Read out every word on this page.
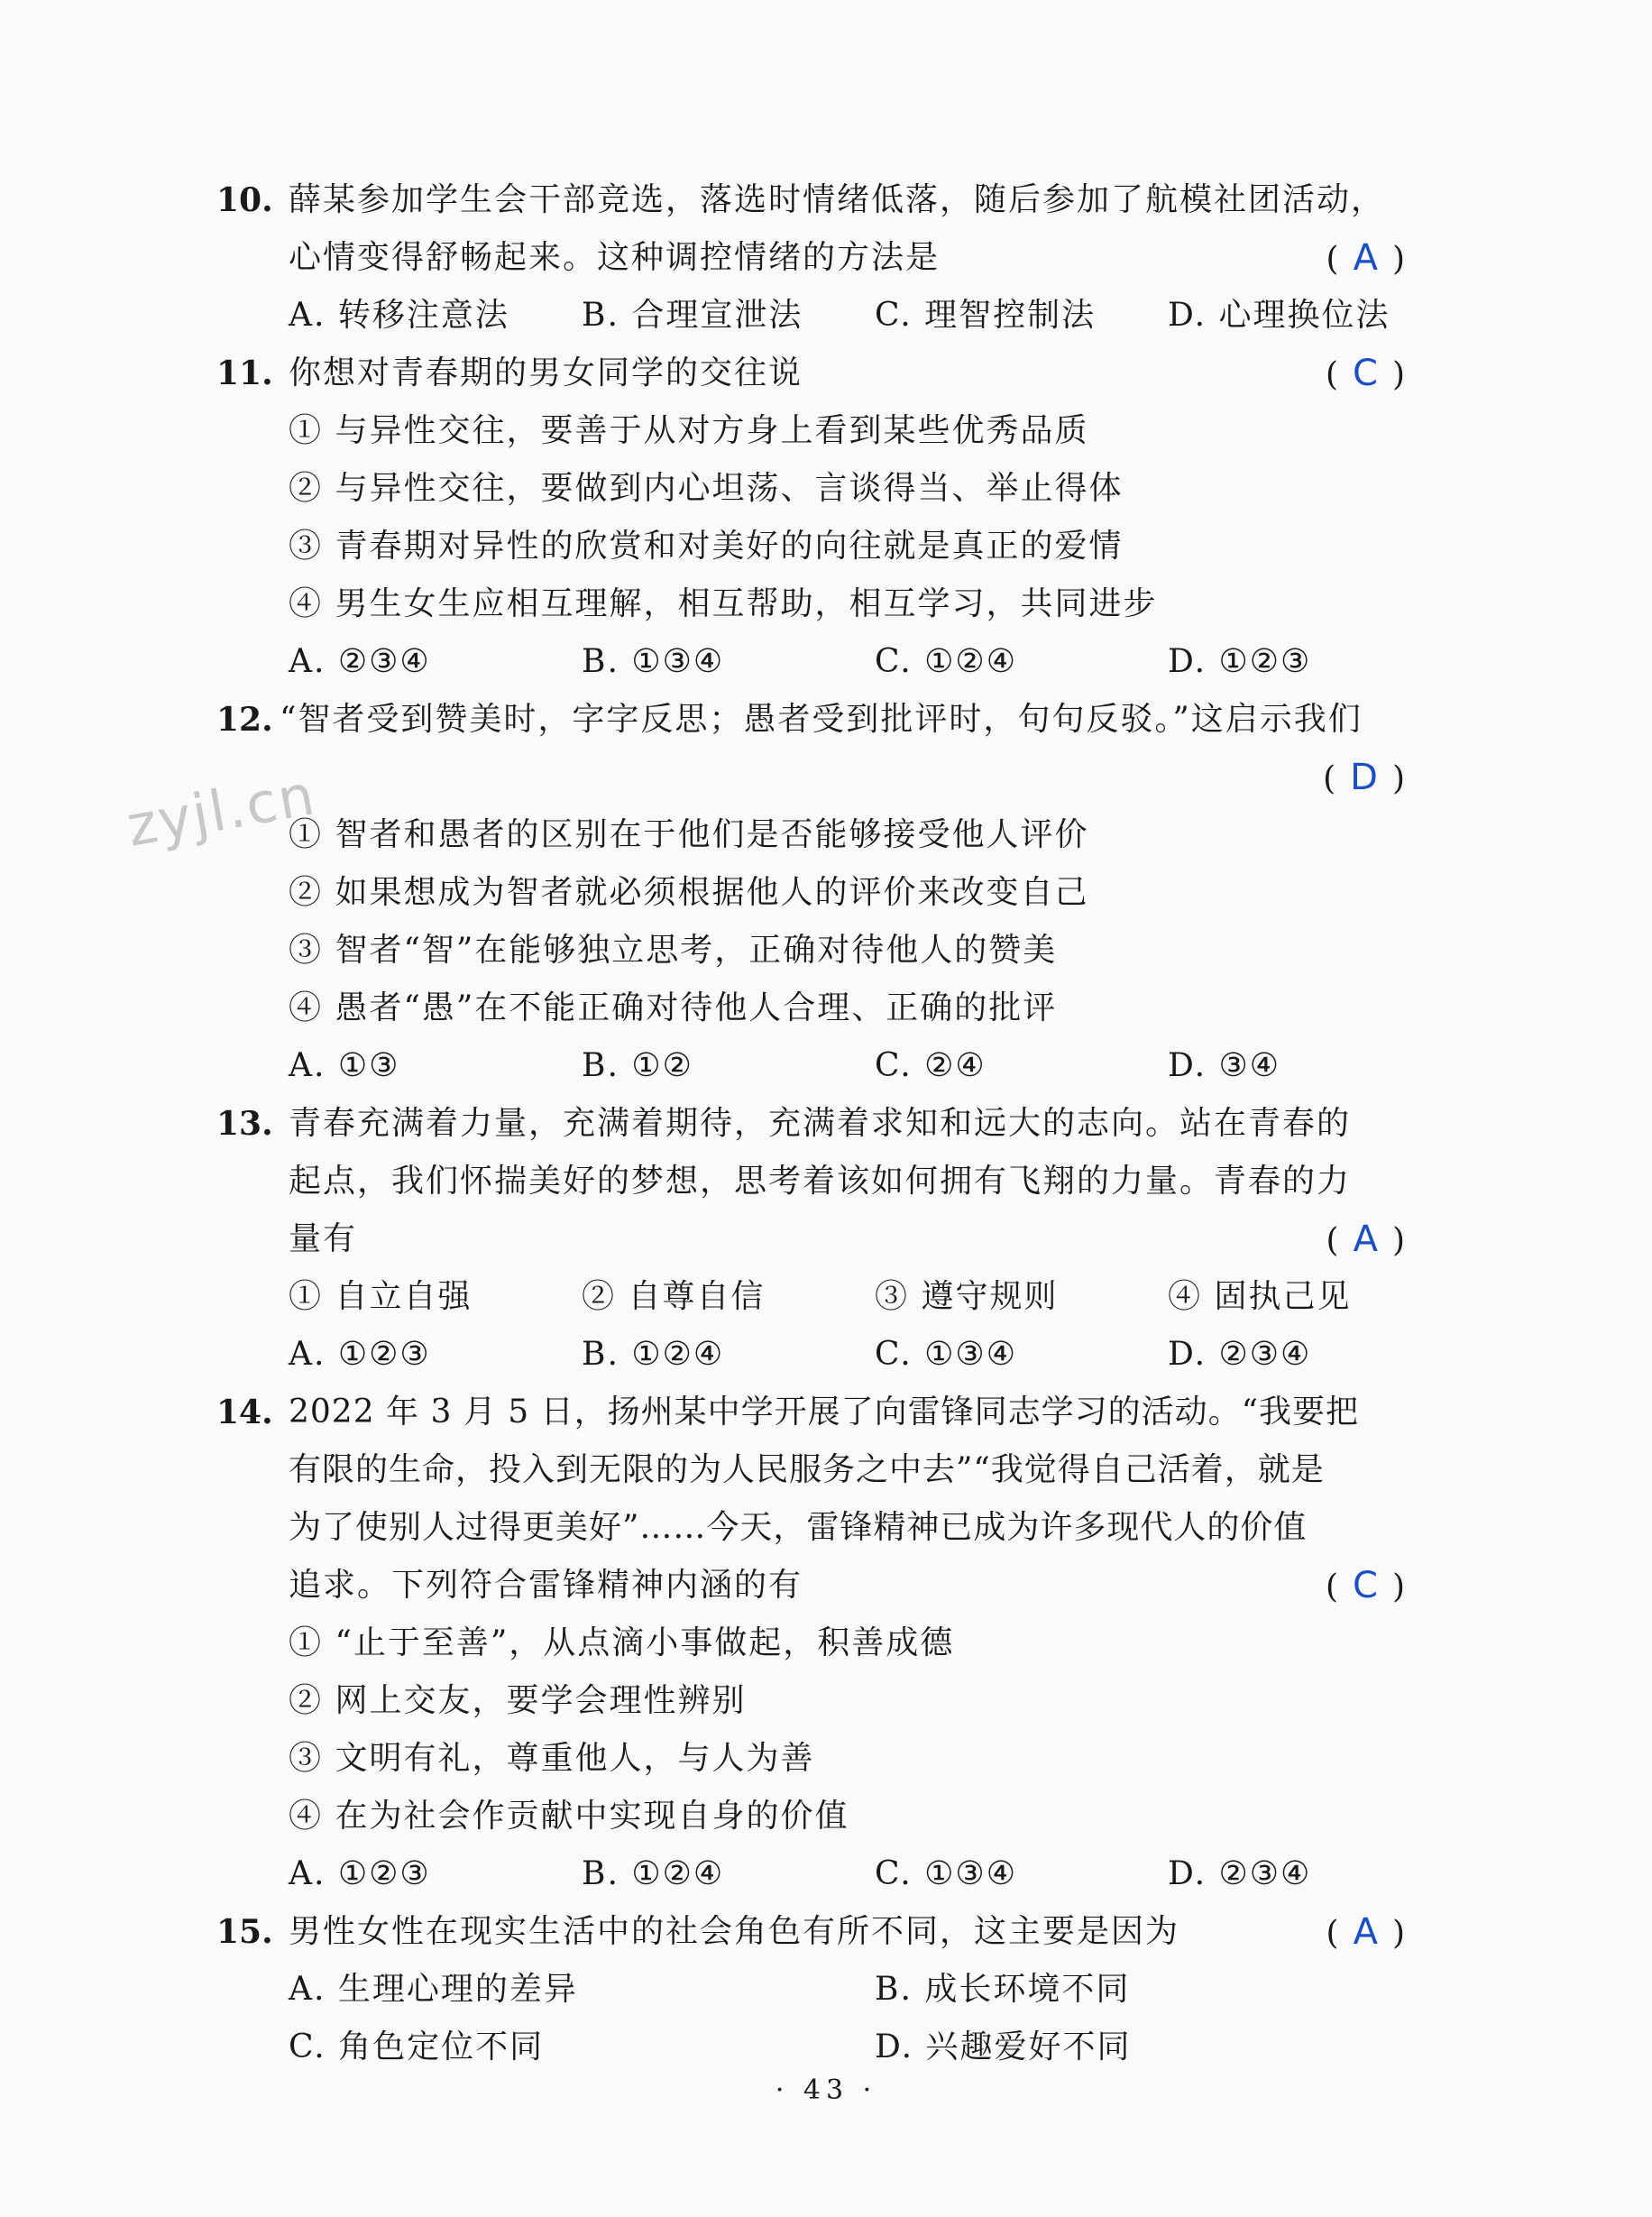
zyjl.cn
10. 薛某参加学生会干部竞选，落选时情绪低落，随后参加了航模社团活动，
心情变得舒畅起来。这种调控情绪的方法是	( A )
A. 转移注意法 B. 合理宣泄法 C. 理智控制法 D. 心理换位法
11. 你想对青春期的男女同学的交往说	( C )
① 与异性交往，要善于从对方身上看到某些优秀品质
② 与异性交往，要做到内心坦荡、言谈得当、举止得体
③ 青春期对异性的欣赏和对美好的向往就是真正的爱情
④ 男生女生应相互理解，相互帮助，相互学习，共同进步
A. ②③④	B. ①③④	C. ①②④	D. ①②③
12. “智者受到赞美时，字字反思；愚者受到批评时，句句反驳。”这启示我们
( D )
① 智者和愚者的区别在于他们是否能够接受他人评价
② 如果想成为智者就必须根据他人的评价来改变自己
③ 智者“智”在能够独立思考，正确对待他人的赞美
④ 愚者“愚”在不能正确对待他人合理、正确的批评
A. ①③	B. ①②	C. ②④	D. ③④
13. 青春充满着力量，充满着期待，充满着求知和远大的志向。站在青春的
起点，我们怀揣美好的梦想，思考着该如何拥有飞翔的力量。青春的力
量有	( A )
① 自立自强	② 自尊自信	③ 遵守规则	④ 固执己见
A. ①②③	B. ①②④	C. ①③④	D. ②③④
14. 2022 年 3 月 5 日，扬州某中学开展了向雷锋同志学习的活动。“我要把
有限的生命，投入到无限的为人民服务之中去”“我觉得自己活着，就是
为了使别人过得更美好”……今天，雷锋精神已成为许多现代人的价值
追求。下列符合雷锋精神内涵的有	( C )
① “止于至善”，从点滴小事做起，积善成德
② 网上交友，要学会理性辨别
③ 文明有礼，尊重他人，与人为善
④ 在为社会作贡献中实现自身的价值
A. ①②③	B. ①②④	C. ①③④	D. ②③④
15. 男性女性在现实生活中的社会角色有所不同，这主要是因为	( A )
A. 生理心理的差异	B. 成长环境不同
C. 角色定位不同	D. 兴趣爱好不同
· 43 ·
